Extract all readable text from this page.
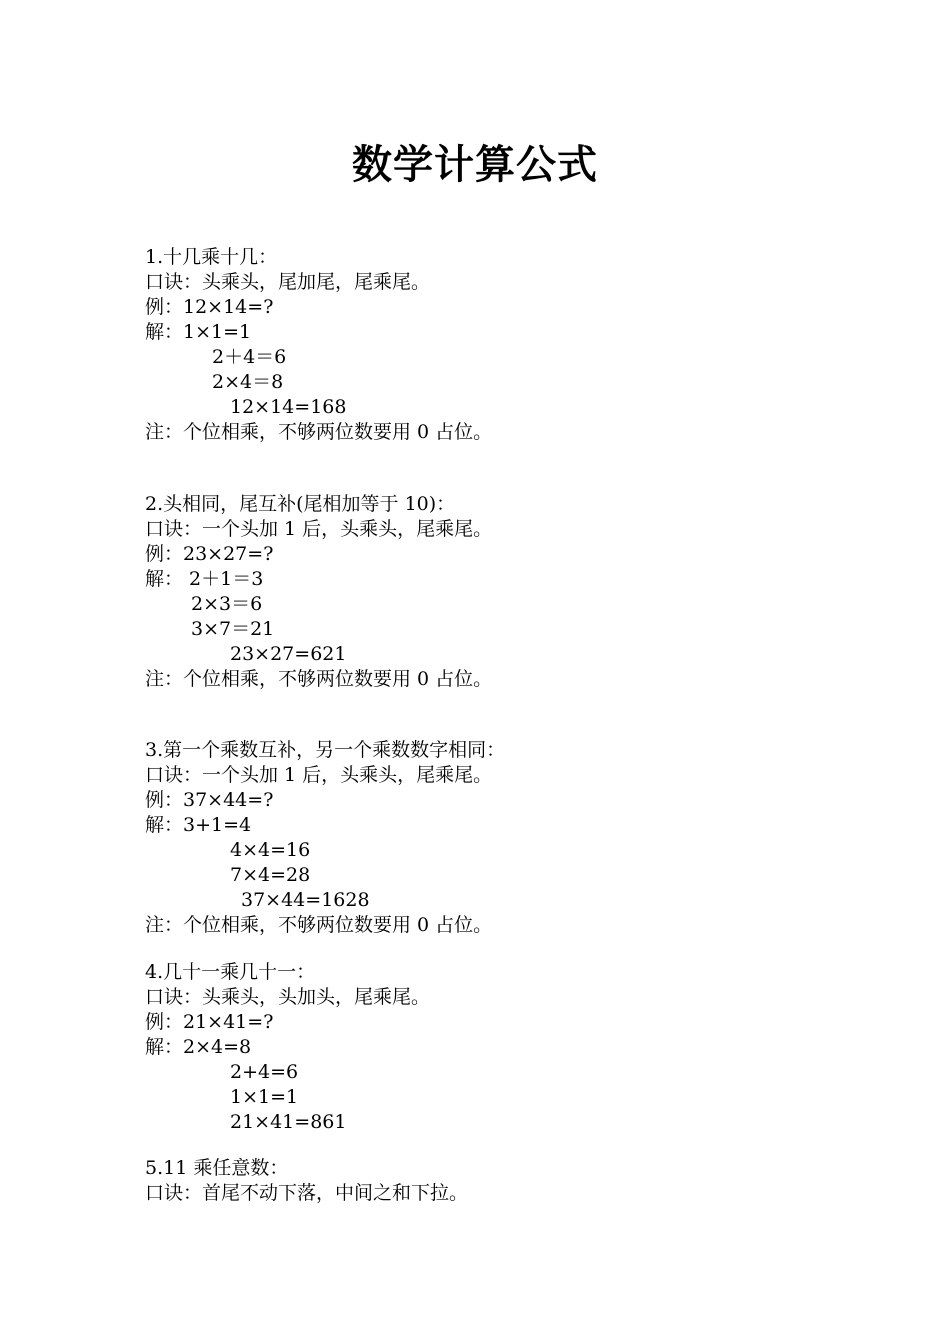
数学计算公式
1.十几乘十几：
口诀：头乘头，尾加尾，尾乘尾。
例：12×14=?
解：1×1=1
2＋4＝6
2×4＝8
12×14=168
注：个位相乘，不够两位数要用 0 占位。
2.头相同，尾互补(尾相加等于 10)：
口诀：一个头加 1 后，头乘头，尾乘尾。
例：23×27=?
解： 2＋1＝3
2×3＝6
3×7＝21
23×27=621
注：个位相乘，不够两位数要用 0 占位。
3.第一个乘数互补，另一个乘数数字相同：
口诀：一个头加 1 后，头乘头，尾乘尾。
例：37×44=?
解：3+1=4
4×4=16
7×4=28
37×44=1628
注：个位相乘，不够两位数要用 0 占位。
4.几十一乘几十一：
口诀：头乘头，头加头，尾乘尾。
例：21×41=?
解：2×4=8
2+4=6
1×1=1
21×41=861
5.11 乘任意数：
口诀：首尾不动下落，中间之和下拉。
